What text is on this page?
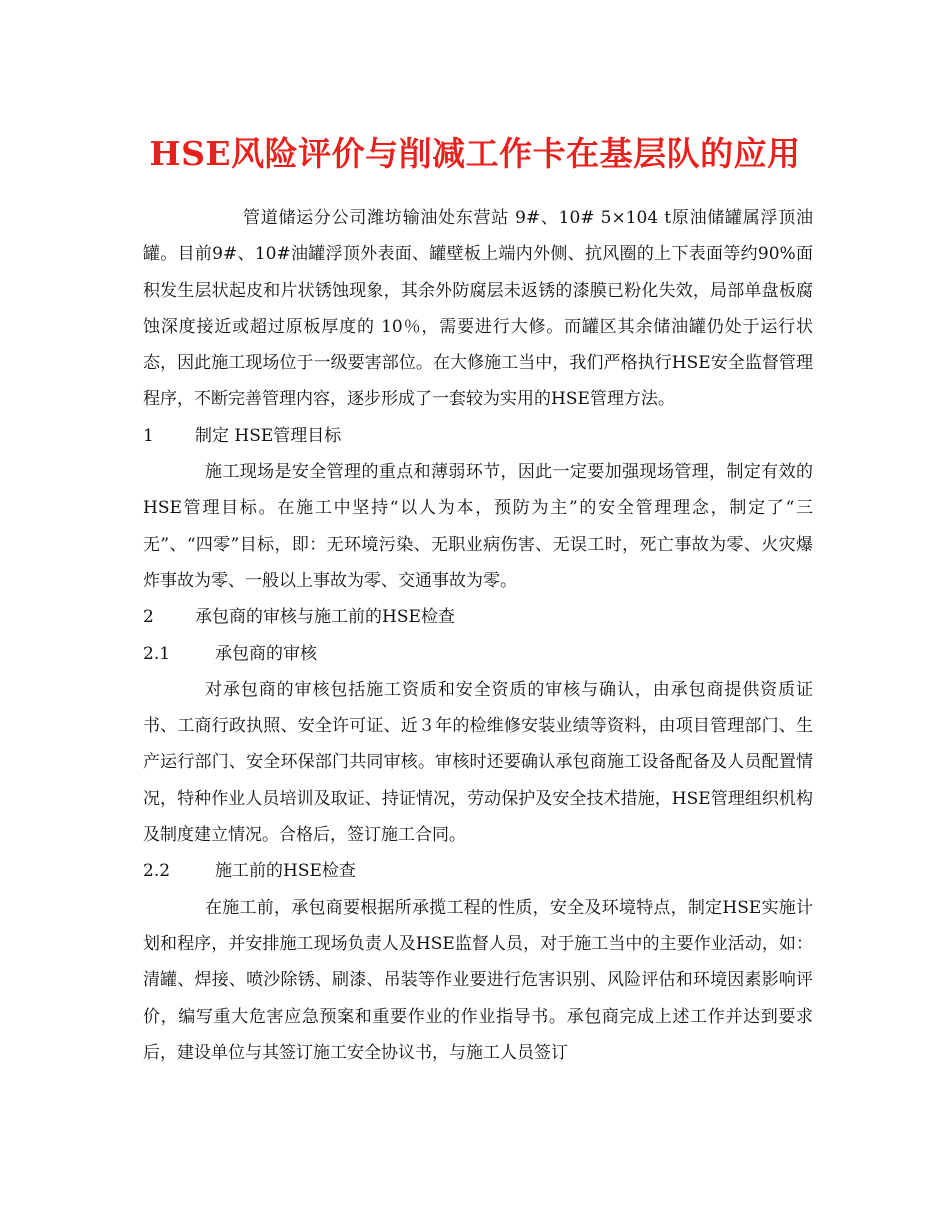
HSE风险评价与削减工作卡在基层队的应用

管道储运分公司潍坊输油处东营站 9#、10# 5×104 t原油储罐属浮顶油罐。目前9#、10#油罐浮顶外表面、罐壁板上端内外侧、抗风圈的上下表面等约90%面积发生层状起皮和片状锈蚀现象，其余外防腐层未返锈的漆膜已粉化失效，局部单盘板腐蚀深度接近或超过原板厚度的 10％，需要进行大修。而罐区其余储油罐仍处于运行状态，因此施工现场位于一级要害部位。在大修施工当中，我们严格执行HSE安全监督管理程序，不断完善管理内容，逐步形成了一套较为实用的HSE管理方法。

1 制定 HSE管理目标

施工现场是安全管理的重点和薄弱环节，因此一定要加强现场管理，制定有效的HSE管理目标。在施工中坚持“以人为本，预防为主”的安全管理理念，制定了“三无”、“四零”目标，即：无环境污染、无职业病伤害、无误工时，死亡事故为零、火灾爆炸事故为零、一般以上事故为零、交通事故为零。

2 承包商的审核与施工前的HSE检查

2.1	承包商的审核

对承包商的审核包括施工资质和安全资质的审核与确认，由承包商提供资质证书、工商行政执照、安全许可证、近３年的检维修安装业绩等资料，由项目管理部门、生产运行部门、安全环保部门共同审核。审核时还要确认承包商施工设备配备及人员配置情况，特种作业人员培训及取证、持证情况，劳动保护及安全技术措施，HSE管理组织机构及制度建立情况。合格后，签订施工合同。

2.2	施工前的HSE检查

在施工前，承包商要根据所承揽工程的性质，安全及环境特点，制定HSE实施计划和程序，并安排施工现场负责人及HSE监督人员，对于施工当中的主要作业活动，如：清罐、焊接、喷沙除锈、刷漆、吊装等作业要进行危害识别、风险评估和环境因素影响评价，编写重大危害应急预案和重要作业的作业指导书。承包商完成上述工作并达到要求后，建设单位与其签订施工安全协议书，与施工人员签订
